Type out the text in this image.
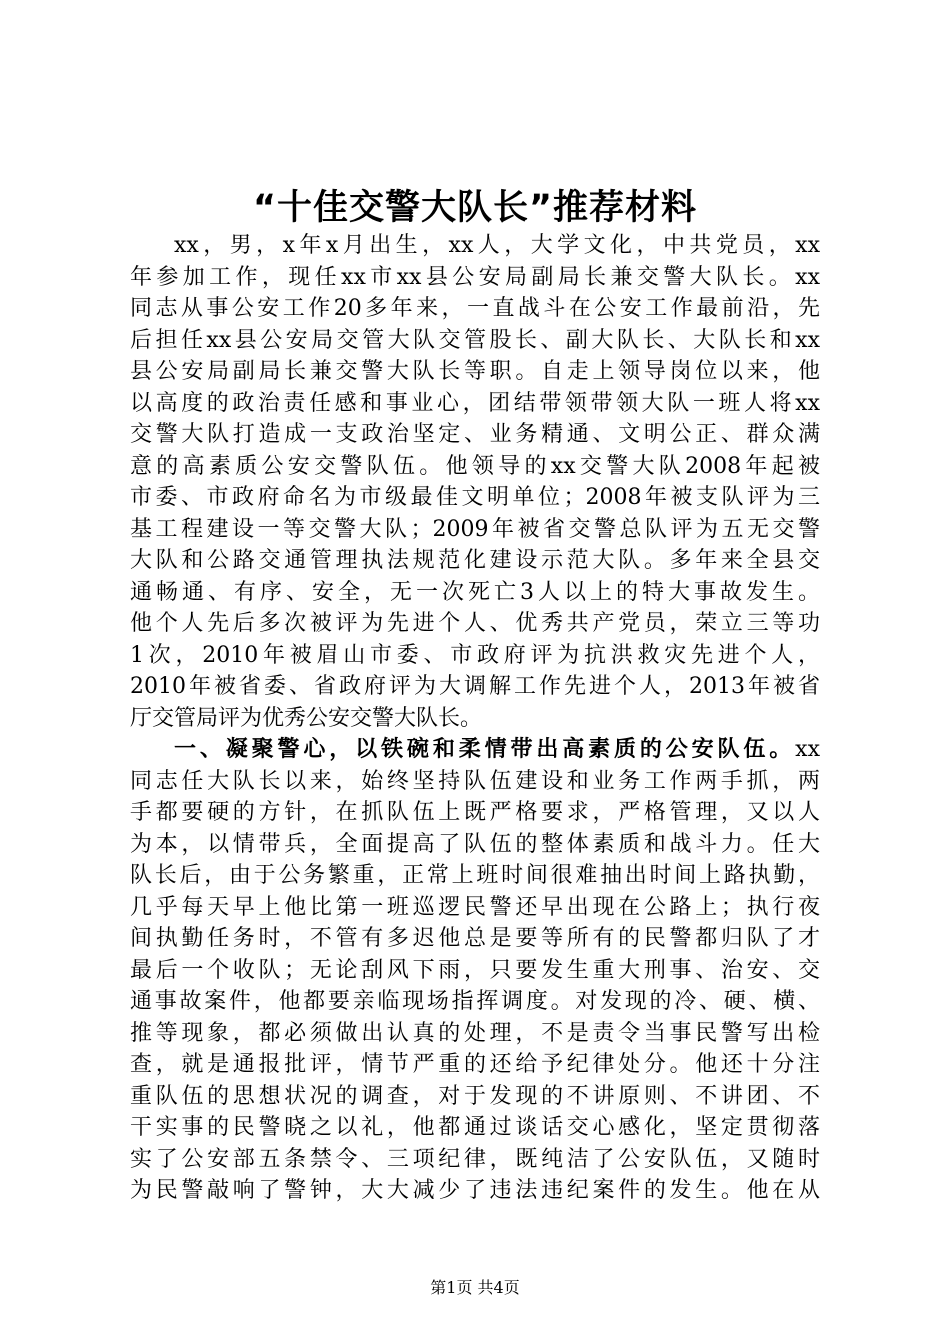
“十佳交警大队长”推荐材料
xx，男，x年x月出生，xx人，大学文化，中共党员，xx
年参加工作，现任xx市xx县公安局副局长兼交警大队长。xx
同志从事公安工作20多年来，一直战斗在公安工作最前沿，先
后担任xx县公安局交管大队交管股长、副大队长、大队长和xx
县公安局副局长兼交警大队长等职。自走上领导岗位以来，他
以高度的政治责任感和事业心，团结带领带领大队一班人将xx
交警大队打造成一支政治坚定、业务精通、文明公正、群众满
意的高素质公安交警队伍。他领导的xx交警大队2008年起被
市委、市政府命名为市级最佳文明单位；2008年被支队评为三
基工程建设一等交警大队；2009年被省交警总队评为五无交警
大队和公路交通管理执法规范化建设示范大队。多年来全县交
通畅通、有序、安全，无一次死亡3人以上的特大事故发生。
他个人先后多次被评为先进个人、优秀共产党员，荣立三等功
1次，2010年被眉山市委、市政府评为抗洪救灾先进个人，
2010年被省委、省政府评为大调解工作先进个人，2013年被省
厅交管局评为优秀公安交警大队长。
一、凝聚警心，以铁碗和柔情带出高素质的公安队伍。xx
同志任大队长以来，始终坚持队伍建设和业务工作两手抓，两
手都要硬的方针，在抓队伍上既严格要求，严格管理，又以人
为本，以情带兵，全面提高了队伍的整体素质和战斗力。任大
队长后，由于公务繁重，正常上班时间很难抽出时间上路执勤，
几乎每天早上他比第一班巡逻民警还早出现在公路上；执行夜
间执勤任务时，不管有多迟他总是要等所有的民警都归队了才
最后一个收队；无论刮风下雨，只要发生重大刑事、治安、交
通事故案件，他都要亲临现场指挥调度。对发现的冷、硬、横、
推等现象，都必须做出认真的处理，不是责令当事民警写出检
查，就是通报批评，情节严重的还给予纪律处分。他还十分注
重队伍的思想状况的调查，对于发现的不讲原则、不讲团、不
干实事的民警晓之以礼，他都通过谈话交心感化，坚定贯彻落
实了公安部五条禁令、三项纪律，既纯洁了公安队伍，又随时
为民警敲响了警钟，大大减少了违法违纪案件的发生。他在从
第1页 共4页
